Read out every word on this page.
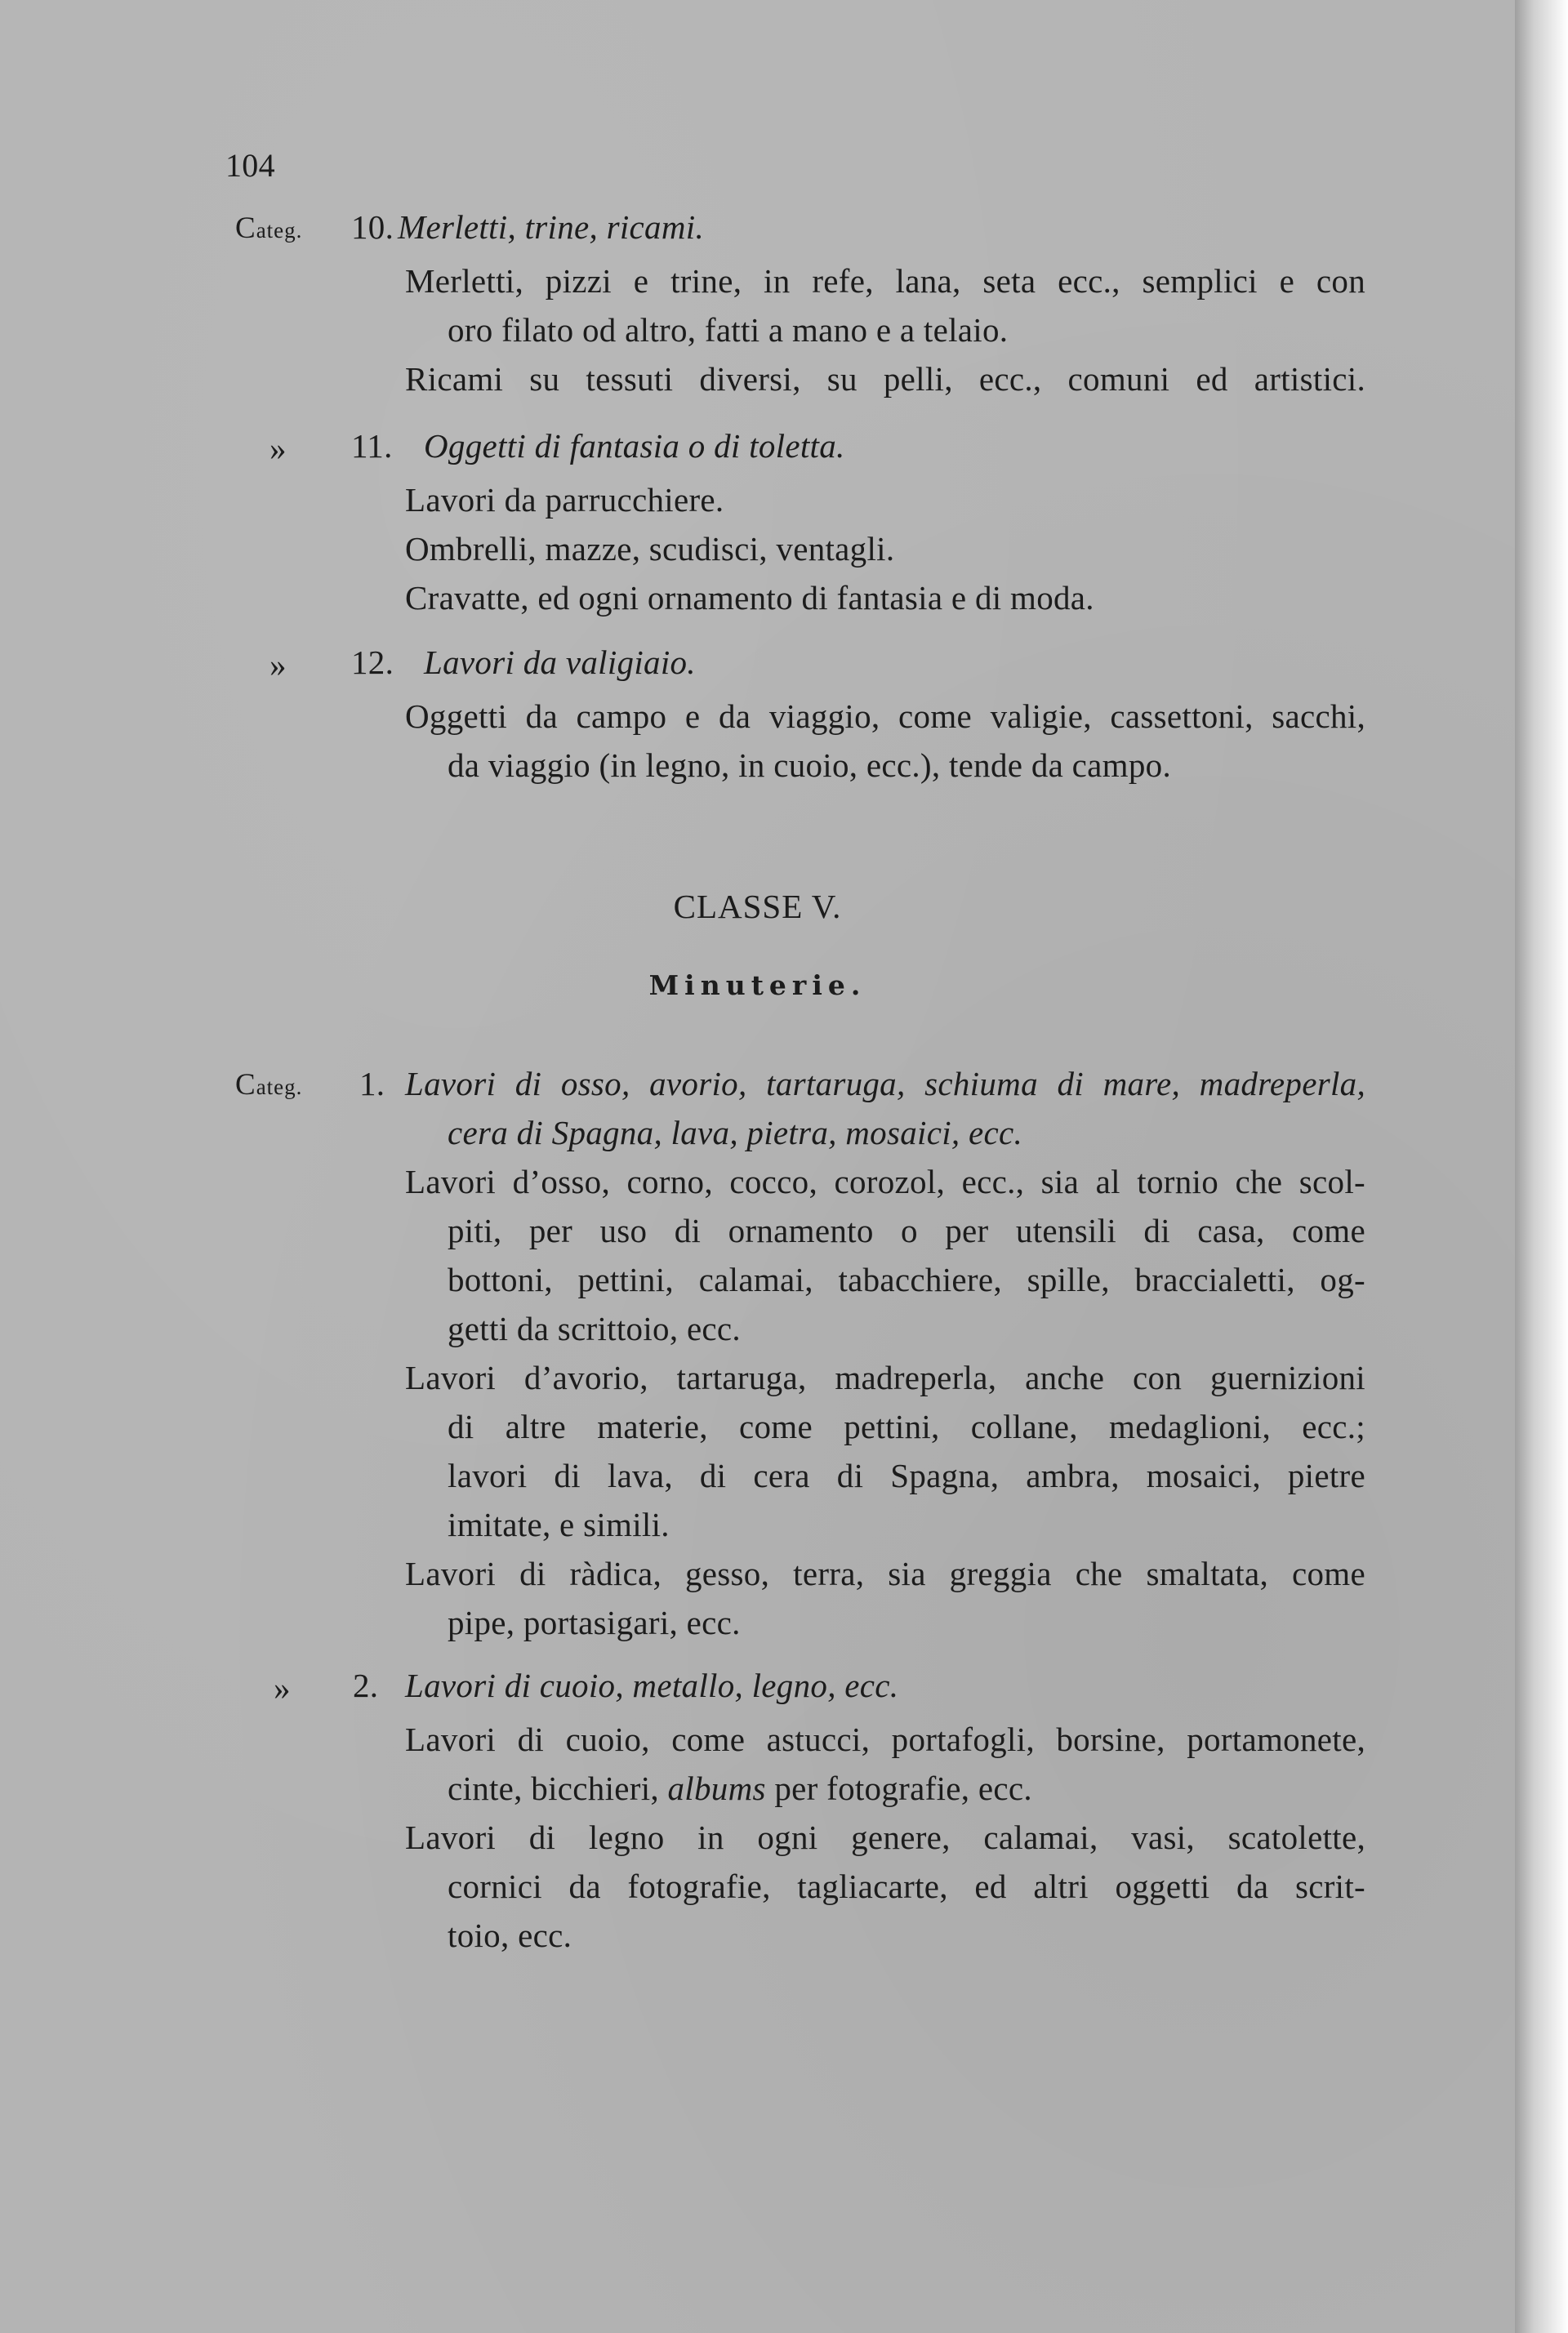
104
Categ. 10. Merletti, trine, ricami.
Merletti, pizzi e trine, in refe, lana, seta ecc., semplici e con
oro filato od altro, fatti a mano e a telaio.
Ricami su tessuti diversi, su pelli, ecc., comuni ed artistici.
» 11. Oggetti di fantasia o di toletta.
Lavori da parrucchiere.
Ombrelli, mazze, scudisci, ventagli.
Cravatte, ed ogni ornamento di fantasia e di moda.
» 12. Lavori da valigiaio.
Oggetti da campo e da viaggio, come valigie, cassettoni, sacchi,
da viaggio (in legno, in cuoio, ecc.), tende da campo.
CLASSE V.
Minuterie.
Categ. 1. Lavori di osso, avorio, tartaruga, schiuma di mare, madreperla,
cera di Spagna, lava, pietra, mosaici, ecc.
Lavori d’osso, corno, cocco, corozol, ecc., sia al tornio che scol-
piti, per uso di ornamento o per utensili di casa, come
bottoni, pettini, calamai, tabacchiere, spille, braccialetti, og-
getti da scrittoio, ecc.
Lavori d’avorio, tartaruga, madreperla, anche con guernizioni
di altre materie, come pettini, collane, medaglioni, ecc.;
lavori di lava, di cera di Spagna, ambra, mosaici, pietre
imitate, e simili.
Lavori di ràdica, gesso, terra, sia greggia che smaltata, come
pipe, portasigari, ecc.
» 2. Lavori di cuoio, metallo, legno, ecc.
Lavori di cuoio, come astucci, portafogli, borsine, portamonete,
cinte, bicchieri, albums per fotografie, ecc.
Lavori di legno in ogni genere, calamai, vasi, scatolette,
cornici da fotografie, tagliacarte, ed altri oggetti da scrit-
toio, ecc.
